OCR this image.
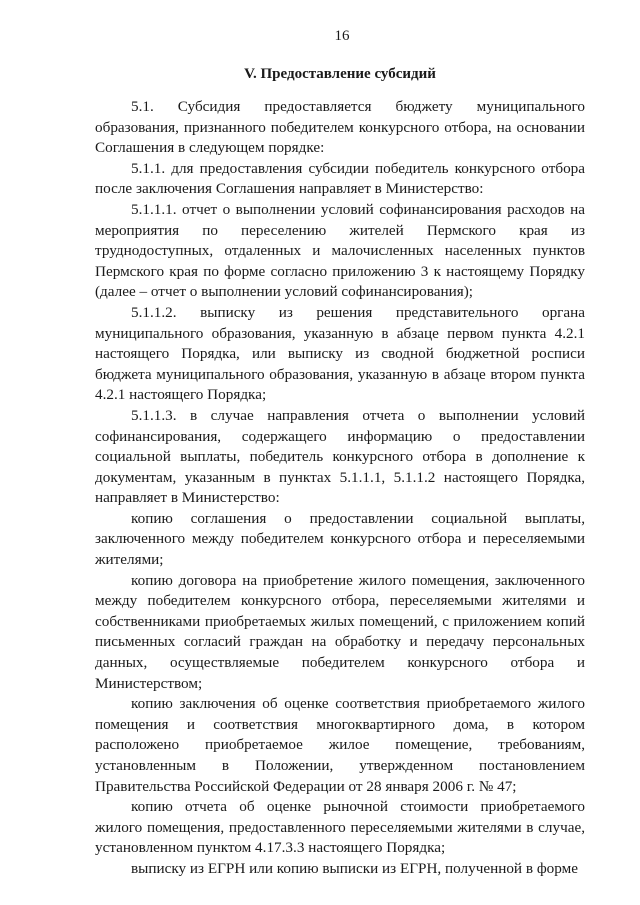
16
V. Предоставление субсидий

5.1. Субсидия предоставляется бюджету муниципального образования, признанного победителем конкурсного отбора, на основании Соглашения в следующем порядке:

5.1.1. для предоставления субсидии победитель конкурсного отбора после заключения Соглашения направляет в Министерство:

5.1.1.1. отчет о выполнении условий софинансирования расходов на мероприятия по переселению жителей Пермского края из труднодоступных, отдаленных и малочисленных населенных пунктов Пермского края по форме согласно приложению 3 к настоящему Порядку (далее – отчет о выполнении условий софинансирования);

5.1.1.2. выписку из решения представительного органа муниципального образования, указанную в абзаце первом пункта 4.2.1 настоящего Порядка, или выписку из сводной бюджетной росписи бюджета муниципального образования, указанную в абзаце втором пункта 4.2.1 настоящего Порядка;

5.1.1.3. в случае направления отчета о выполнении условий софинансирования, содержащего информацию о предоставлении социальной выплаты, победитель конкурсного отбора в дополнение к документам, указанным в пунктах 5.1.1.1, 5.1.1.2 настоящего Порядка, направляет в Министерство:

копию соглашения о предоставлении социальной выплаты, заключенного между победителем конкурсного отбора и переселяемыми жителями;

копию договора на приобретение жилого помещения, заключенного между победителем конкурсного отбора, переселяемыми жителями и собственниками приобретаемых жилых помещений, с приложением копий письменных согласий граждан на обработку и передачу персональных данных, осуществляемые победителем конкурсного отбора и Министерством;

копию заключения об оценке соответствия приобретаемого жилого помещения и соответствия многоквартирного дома, в котором расположено приобретаемое жилое помещение, требованиям, установленным в Положении, утвержденном постановлением Правительства Российской Федерации от 28 января 2006 г. № 47;

копию отчета об оценке рыночной стоимости приобретаемого жилого помещения, предоставленного переселяемыми жителями в случае, установленном пунктом 4.17.3.3 настоящего Порядка;

выписку из ЕГРН или копию выписки из ЕГРН, полученной в форме
